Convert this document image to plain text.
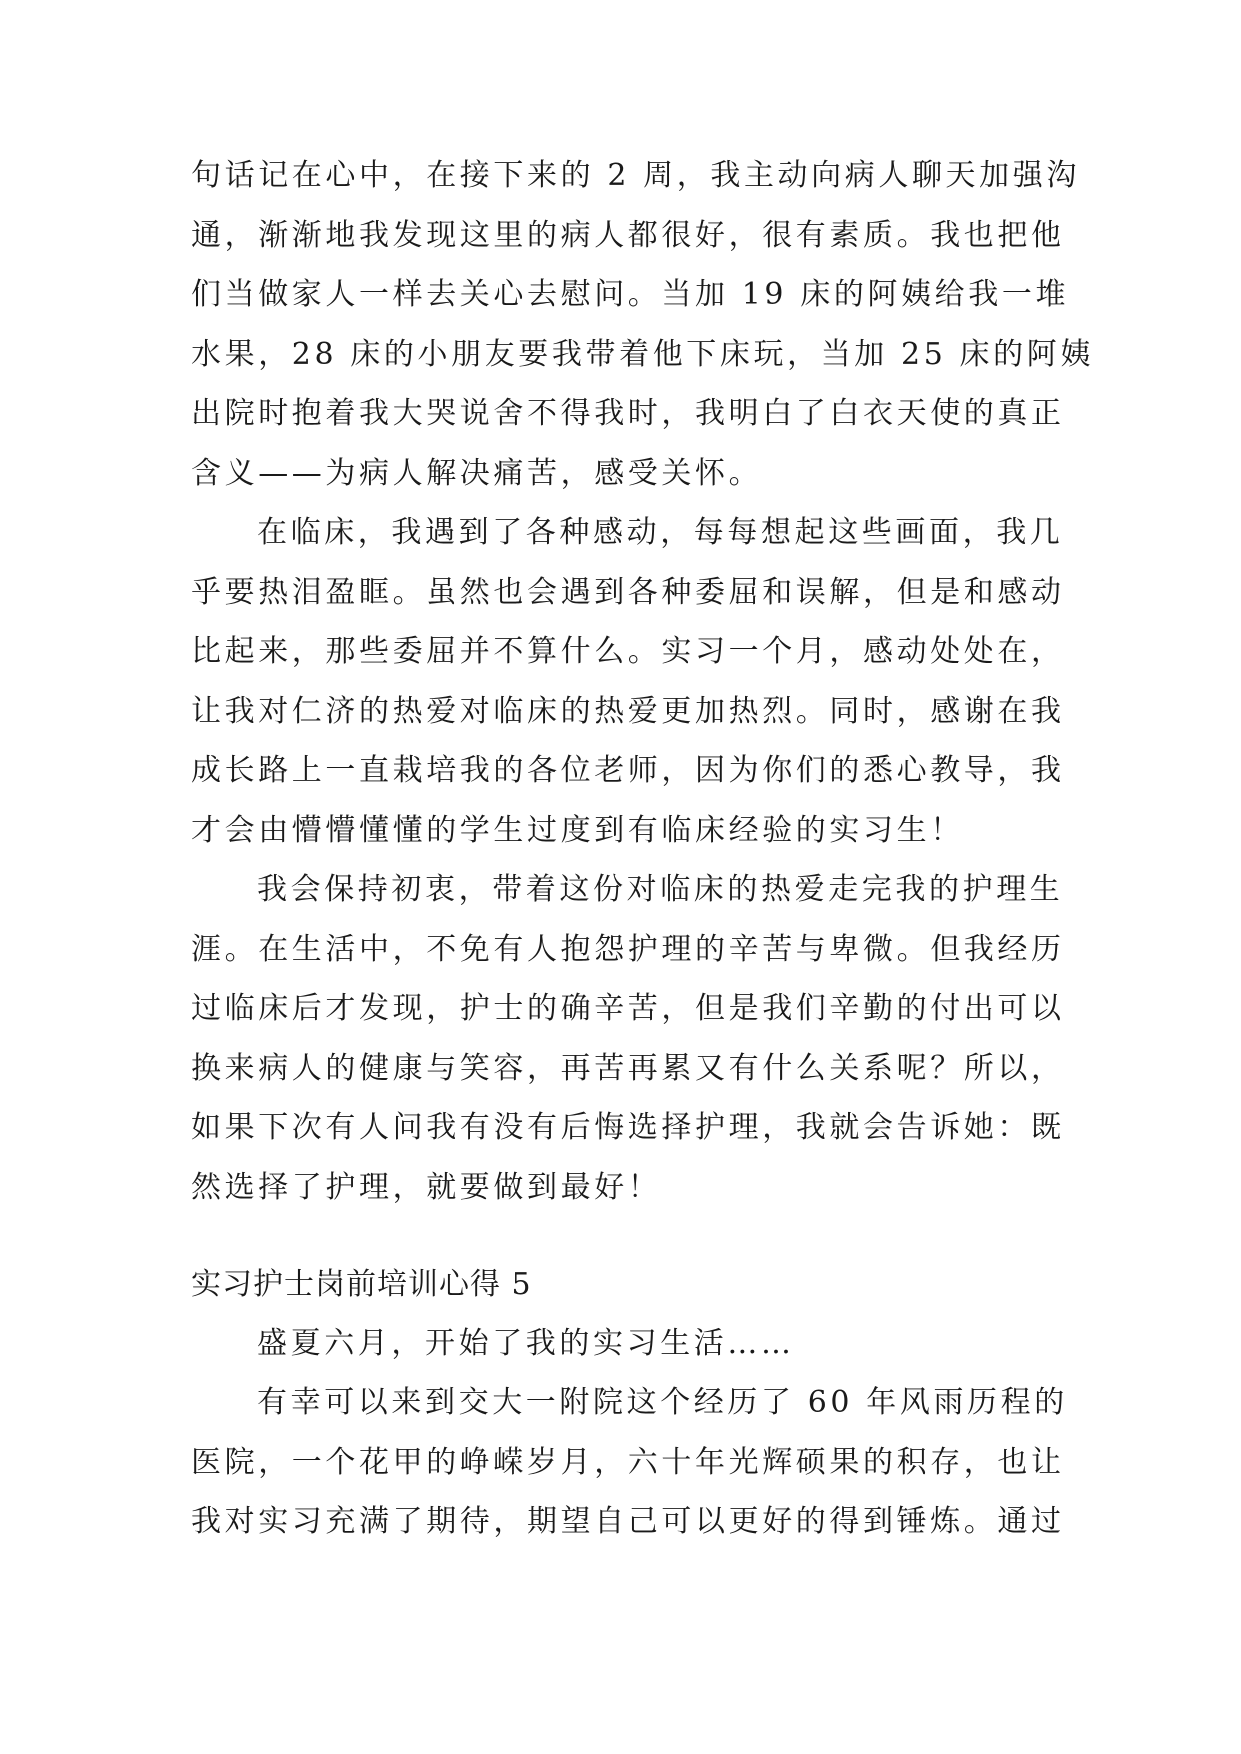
句话记在心中，在接下来的 2 周，我主动向病人聊天加强沟
通，渐渐地我发现这里的病人都很好，很有素质。我也把他
们当做家人一样去关心去慰问。当加 19 床的阿姨给我一堆
水果，28 床的小朋友要我带着他下床玩，当加 25 床的阿姨
出院时抱着我大哭说舍不得我时，我明白了白衣天使的真正
含义——为病人解决痛苦，感受关怀。
在临床，我遇到了各种感动，每每想起这些画面，我几
乎要热泪盈眶。虽然也会遇到各种委屈和误解，但是和感动
比起来，那些委屈并不算什么。实习一个月，感动处处在，
让我对仁济的热爱对临床的热爱更加热烈。同时，感谢在我
成长路上一直栽培我的各位老师，因为你们的悉心教导，我
才会由懵懵懂懂的学生过度到有临床经验的实习生！
我会保持初衷，带着这份对临床的热爱走完我的护理生
涯。在生活中，不免有人抱怨护理的辛苦与卑微。但我经历
过临床后才发现，护士的确辛苦，但是我们辛勤的付出可以
换来病人的健康与笑容，再苦再累又有什么关系呢？所以，
如果下次有人问我有没有后悔选择护理，我就会告诉她：既
然选择了护理，就要做到最好！
实习护士岗前培训心得 5
盛夏六月，开始了我的实习生活……
有幸可以来到交大一附院这个经历了 60 年风雨历程的
医院，一个花甲的峥嵘岁月，六十年光辉硕果的积存，也让
我对实习充满了期待，期望自己可以更好的得到锤炼。通过
